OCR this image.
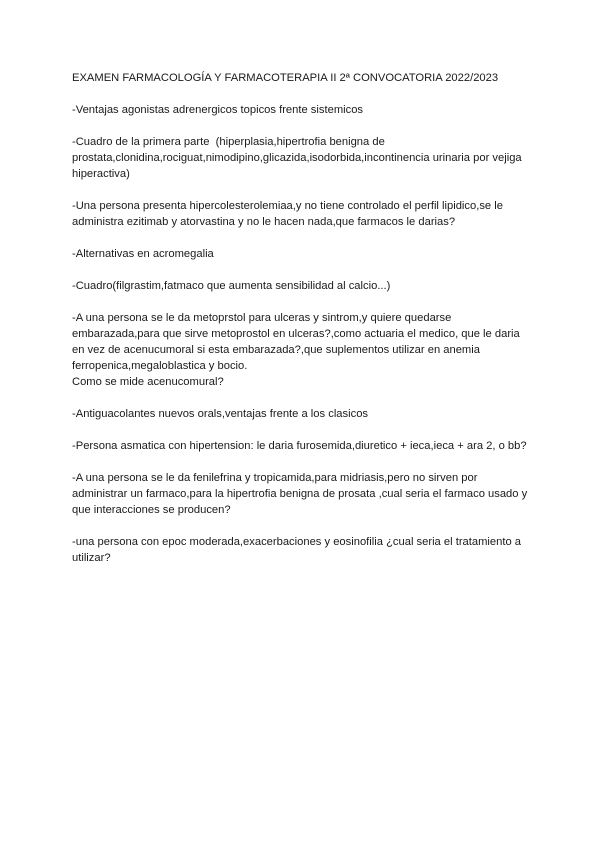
EXAMEN FARMACOLOGÍA Y FARMACOTERAPIA II 2ª CONVOCATORIA 2022/2023
-Ventajas agonistas adrenergicos topicos frente sistemicos
-Cuadro de la primera parte  (hiperplasia,hipertrofia benigna de
prostata,clonidina,rociguat,nimodipino,glicazida,isodorbida,incontinencia urinaria por vejiga
hiperactiva)
-Una persona presenta hipercolesterolemiaa,y no tiene controlado el perfil lipidico,se le
administra ezitimab y atorvastina y no le hacen nada,que farmacos le darias?
-Alternativas en acromegalia
-Cuadro(filgrastim,fatmaco que aumenta sensibilidad al calcio...)
-A una persona se le da metoprstol para ulceras y sintrom,y quiere quedarse
embarazada,para que sirve metoprostol en ulceras?,como actuaria el medico, que le daria
en vez de acenucumoral si esta embarazada?,que suplementos utilizar en anemia
ferropenica,megaloblastica y bocio.
Como se mide acenucomural?
-Antiguacolantes nuevos orals,ventajas frente a los clasicos
-Persona asmatica con hipertension: le daria furosemida,diuretico + ieca,ieca + ara 2, o bb?
-A una persona se le da fenilefrina y tropicamida,para midriasis,pero no sirven por
administrar un farmaco,para la hipertrofia benigna de prosata ,cual seria el farmaco usado y
que interacciones se producen?
-una persona con epoc moderada,exacerbaciones y eosinofilia ¿cual seria el tratamiento a
utilizar?
